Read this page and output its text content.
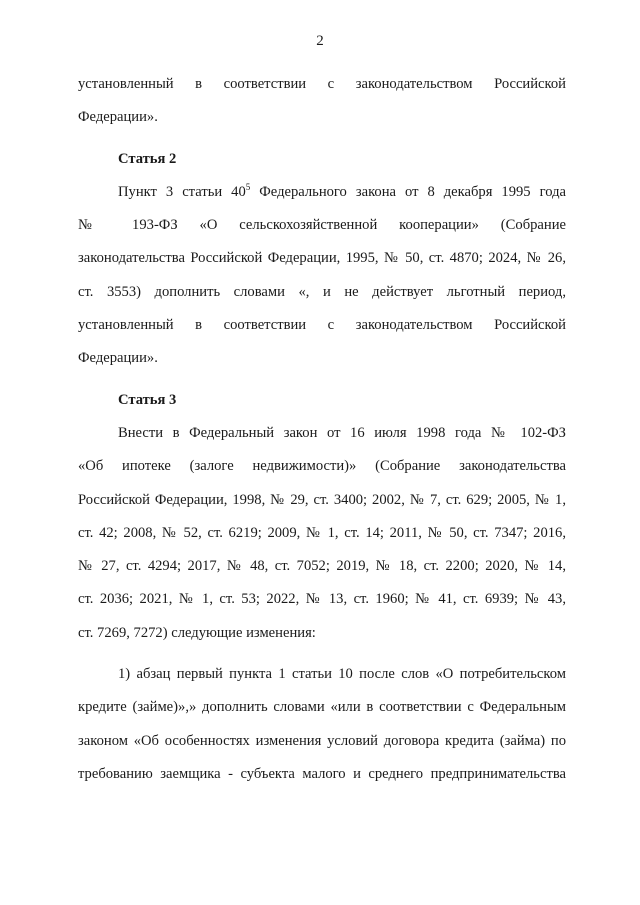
2
установленный в соответствии с законодательством Российской
Федерации».
Статья 2
Пункт 3 статьи $40^5$ Федерального закона от 8 декабря 1995 года
№ 193-ФЗ «О сельскохозяйственной кооперации» (Собрание
законодательства Российской Федерации, 1995, № 50, ст. 4870; 2024, № 26,
ст. 3553) дополнить словами «, и не действует льготный период,
установленный в соответствии с законодательством Российской
Федерации».
Статья 3
Внести в Федеральный закон от 16 июля 1998 года № 102-ФЗ
«Об ипотеке (залоге недвижимости)» (Собрание законодательства
Российской Федерации, 1998, № 29, ст. 3400; 2002, № 7, ст. 629; 2005, № 1,
ст. 42; 2008, № 52, ст. 6219; 2009, № 1, ст. 14; 2011, № 50, ст. 7347; 2016,
№ 27, ст. 4294; 2017, № 48, ст. 7052; 2019, № 18, ст. 2200; 2020, № 14,
ст. 2036; 2021, № 1, ст. 53; 2022, № 13, ст. 1960; № 41, ст. 6939; № 43,
ст. 7269, 7272) следующие изменения:
1) абзац первый пункта 1 статьи 10 после слов «О потребительском
кредите (займе)»,» дополнить словами «или в соответствии с Федеральным
законом «Об особенностях изменения условий договора кредита (займа) по
требованию заемщика - субъекта малого и среднего предпринимательства
